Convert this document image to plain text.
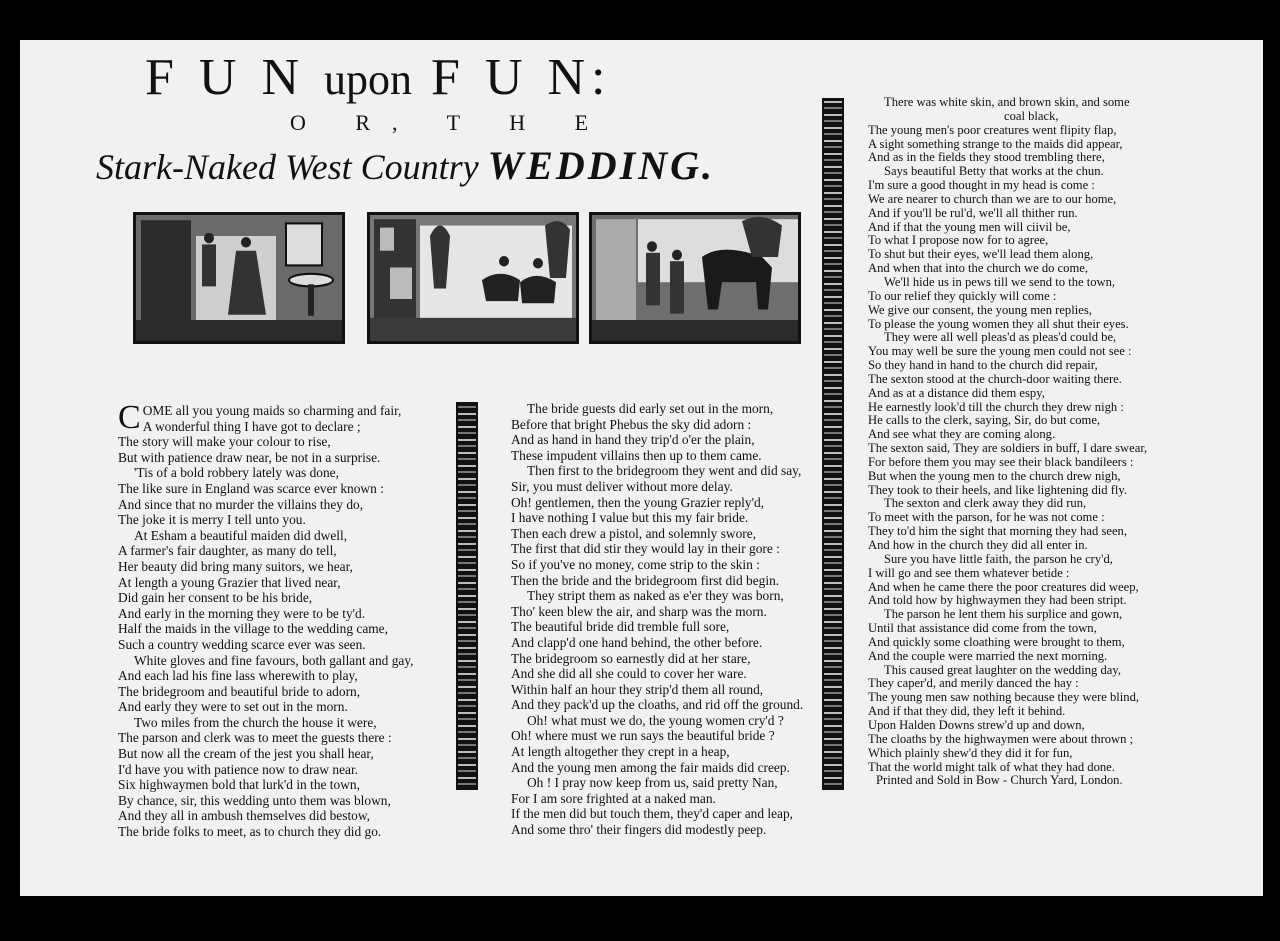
F U N upon F U N:
O R, T H E
Stark-Naked West Country WEDDING.
C OME all you young maids so charming and fair,
A wonderful thing I have got to declare ;
The story will make your colour to rise,
But with patience draw near, be not in a surprise.
'Tis of a bold robbery lately was done,
The like sure in England was scarce ever known :
And since that no murder the villains they do,
The joke it is merry I tell unto you.
At Esham a beautiful maiden did dwell,
A farmer's fair daughter, as many do tell,
Her beauty did bring many suitors, we hear,
At length a young Grazier that lived near,
Did gain her consent to be his bride,
And early in the morning they were to be ty'd.
Half the maids in the village to the wedding came,
Such a country wedding scarce ever was seen.
White gloves and fine favours, both gallant and gay,
And each lad his fine lass wherewith to play,
The bridegroom and beautiful bride to adorn,
And early they were to set out in the morn.
Two miles from the church the house it were,
The parson and clerk was to meet the guests there :
But now all the cream of the jest you shall hear,
I'd have you with patience now to draw near.
Six highwaymen bold that lurk'd in the town,
By chance, sir, this wedding unto them was blown,
And they all in ambush themselves did bestow,
The bride folks to meet, as to church they did go.
The bride guests did early set out in the morn,
Before that bright Phebus the sky did adorn :
And as hand in hand they trip'd o'er the plain,
These impudent villains then up to them came.
Then first to the bridegroom they went and did say,
Sir, you must deliver without more delay.
Oh! gentlemen, then the young Grazier reply'd,
I have nothing I value but this my fair bride.
Then each drew a pistol, and solemnly swore,
The first that did stir they would lay in their gore :
So if you've no money, come strip to the skin :
Then the bride and the bridegroom first did begin.
They stript them as naked as e'er they was born,
Tho' keen blew the air, and sharp was the morn.
The beautiful bride did tremble full sore,
And clapp'd one hand behind, the other before.
The bridegroom so earnestly did at her stare,
And she did all she could to cover her ware.
Within half an hour they strip'd them all round,
And they pack'd up the cloaths, and rid off the ground.
Oh! what must we do, the young women cry'd ?
Oh! where must we run says the beautiful bride ?
At length altogether they crept in a heap,
And the young men among the fair maids did creep.
Oh ! I pray now keep from us, said pretty Nan,
For I am sore frighted at a naked man.
If the men did but touch them, they'd caper and leap,
And some thro' their fingers did modestly peep.
There was white skin, and brown skin, and some
coal black,
The young men's poor creatures went flipity flap,
A sight something strange to the maids did appear,
And as in the fields they stood trembling there,
Says beautiful Betty that works at the chun.
I'm sure a good thought in my head is come :
We are nearer to church than we are to our home,
And if you'll be rul'd, we'll all thither run.
And if that the young men will ciivil be,
To what I propose now for to agree,
To shut but their eyes, we'll lead them along,
And when that into the church we do come,
We'll hide us in pews till we send to the town,
To our relief they quickly will come :
We give our consent, the young men replies,
To please the young women they all shut their eyes.
They were all well pleas'd as pleas'd could be,
You may well be sure the young men could not see :
So they hand in hand to the church did repair,
The sexton stood at the church-door waiting there.
And as at a distance did them espy,
He earnestly look'd till the church they drew nigh :
He calls to the clerk, saying, Sir, do but come,
And see what they are coming along.
The sexton said, They are soldiers in buff, I dare swear,
For before them you may see their black bandileers :
But when the young men to the church drew nigh,
They took to their heels, and like lightening did fly.
The sexton and clerk away they did run,
To meet with the parson, for he was not come :
They to'd him the sight that morning they had seen,
And how in the church they did all enter in.
Sure you have little faith, the parson he cry'd,
I will go and see them whatever betide :
And when he came there the poor creatures did weep,
And told how by highwaymen they had been stript.
The parson he lent them his surplice and gown,
Until that assistance did come from the town,
And quickly some cloathing were brought to them,
And the couple were married the next morning.
This caused great laughter on the wedding day,
They caper'd, and merily danced the hay :
The young men saw nothing because they were blind,
And if that they did, they left it behind.
Upon Halden Downs strew'd up and down,
The cloaths by the highwaymen were about thrown ;
Which plainly shew'd they did it for fun,
That the world might talk of what they had done.
Printed and Sold in Bow - Church Yard, London.
